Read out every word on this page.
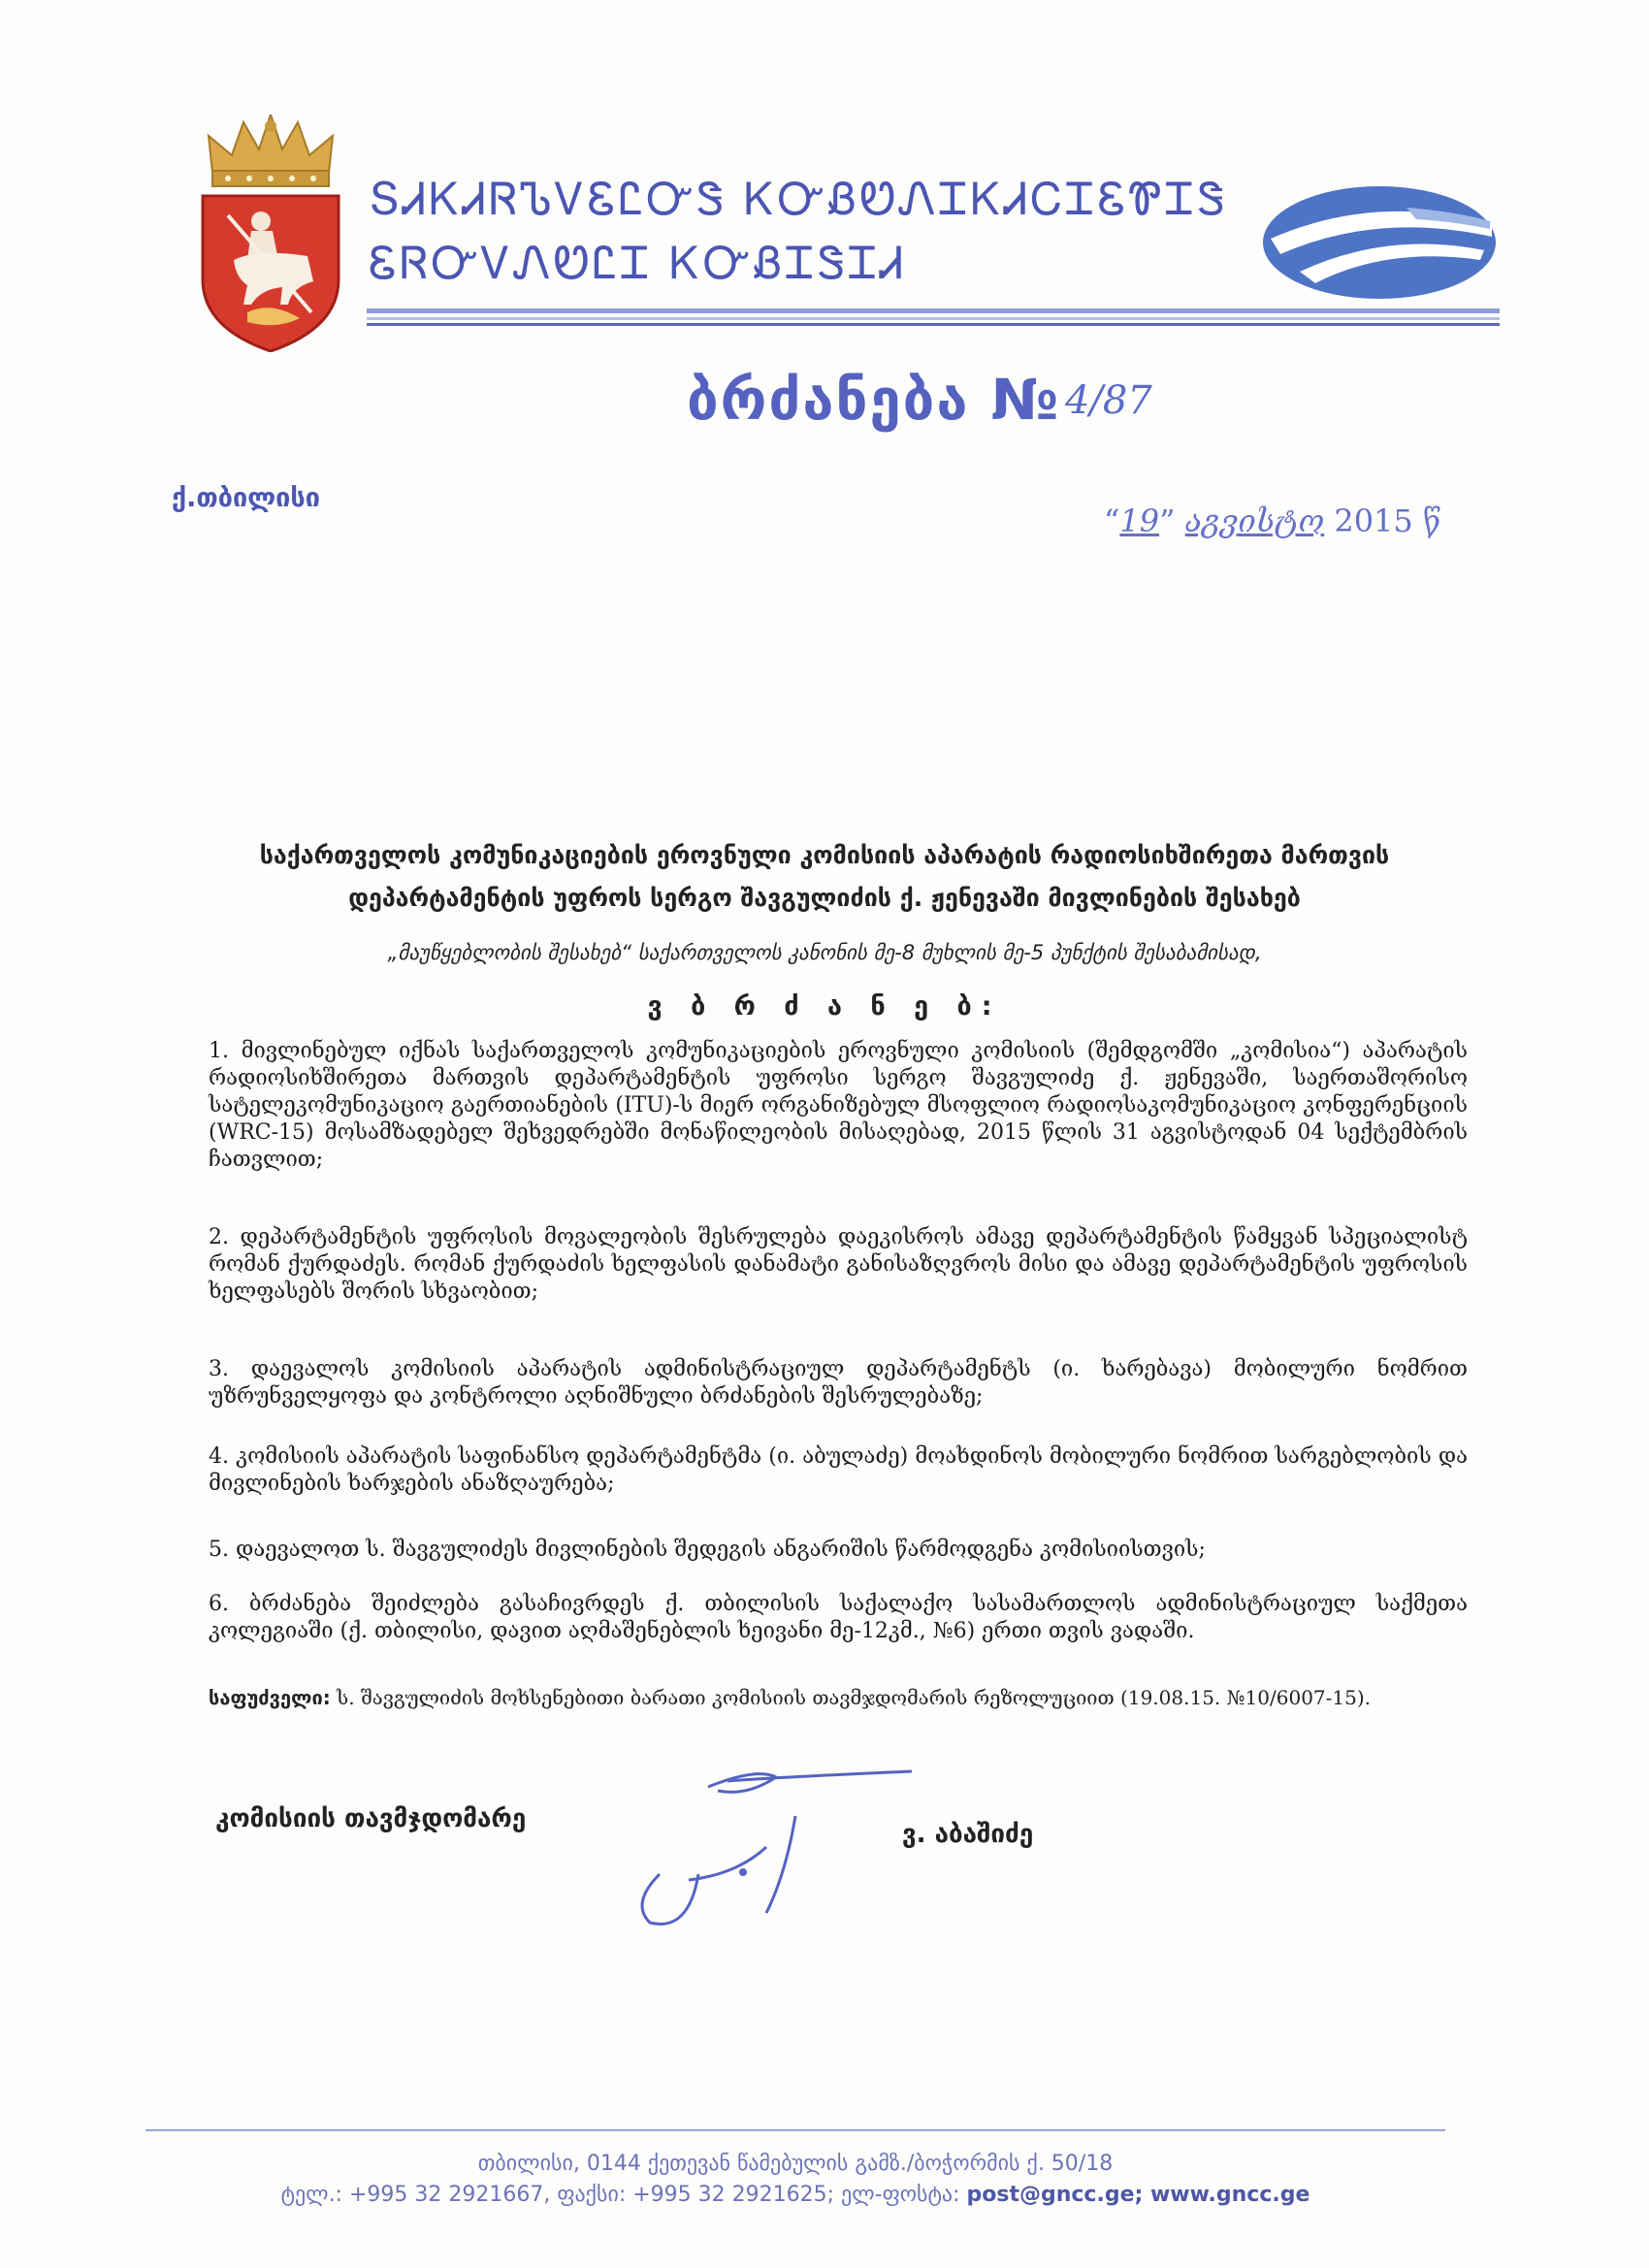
ՏᏗᏦᏗᏒᏖᏙᏋᏝᏅᏕ ᏦᏅᏰᏬᏁᏆᏦᏗᏟᏆᏋᏈᏆᏕ
ᏋᏒᏅᏙᏁᏬᏝᏆ ᏦᏅᏰᏆᏕᏆᏗ
ბრძანება № 4/87
ქ.თბილისი
“19” აგვისტო 2015 წ
საქართველოს კომუნიკაციების ეროვნული კომისიის აპარატის რადიოსიხშირეთა მართვის
დეპარტამენტის უფროს სერგო შავგულიძის ქ. ჟენევაში მივლინების შესახებ
„მაუწყებლობის შესახებ“ საქართველოს კანონის მე-8 მუხლის მე-5 პუნქტის შესაბამისად,
ვ ბ რ ძ ა ნ ე ბ:
1. მივლინებულ იქნას საქართველოს კომუნიკაციების ეროვნული კომისიის (შემდგომში „კომისია“) აპარატის რადიოსიხშირეთა მართვის დეპარტამენტის უფროსი სერგო შავგულიძე ქ. ჟენევაში, საერთაშორისო სატელეკომუნიკაციო გაერთიანების (ITU)-ს მიერ ორგანიზებულ მსოფლიო რადიოსაკომუნიკაციო კონფერენციის (WRC-15) მოსამზადებელ შეხვედრებში მონაწილეობის მისაღებად, 2015 წლის 31 აგვისტოდან 04 სექტემბრის ჩათვლით;
2. დეპარტამენტის უფროსის მოვალეობის შესრულება დაეკისროს ამავე დეპარტამენტის წამყვან სპეციალისტ რომან ქურდაძეს. რომან ქურდაძის ხელფასის დანამატი განისაზღვროს მისი და ამავე დეპარტამენტის უფროსის ხელფასებს შორის სხვაობით;
3. დაევალოს კომისიის აპარატის ადმინისტრაციულ დეპარტამენტს (ი. ხარებავა) მობილური ნომრით უზრუნველყოფა და კონტროლი აღნიშნული ბრძანების შესრულებაზე;
4. კომისიის აპარატის საფინანსო დეპარტამენტმა (ი. აბულაძე) მოახდინოს მობილური ნომრით სარგებლობის და მივლინების ხარჯების ანაზღაურება;
5. დაევალოთ ს. შავგულიძეს მივლინების შედეგის ანგარიშის წარმოდგენა კომისიისთვის;
6. ბრძანება შეიძლება გასაჩივრდეს ქ. თბილისის საქალაქო სასამართლოს ადმინისტრაციულ საქმეთა კოლეგიაში (ქ. თბილისი, დავით აღმაშენებლის ხეივანი მე-12კმ., №6) ერთი თვის ვადაში.
საფუძველი: ს. შავგულიძის მოხსენებითი ბარათი კომისიის თავმჯდომარის რეზოლუციით (19.08.15. №10/6007-15).
კომისიის თავმჯდომარე
ვ. აბაშიძე
თბილისი, 0144 ქეთევან წამებულის გამზ./ბოჭორმის ქ. 50/18
ტელ.: +995 32 2921667, ფაქსი: +995 32 2921625; ელ-ფოსტა: post@gncc.ge; www.gncc.ge
